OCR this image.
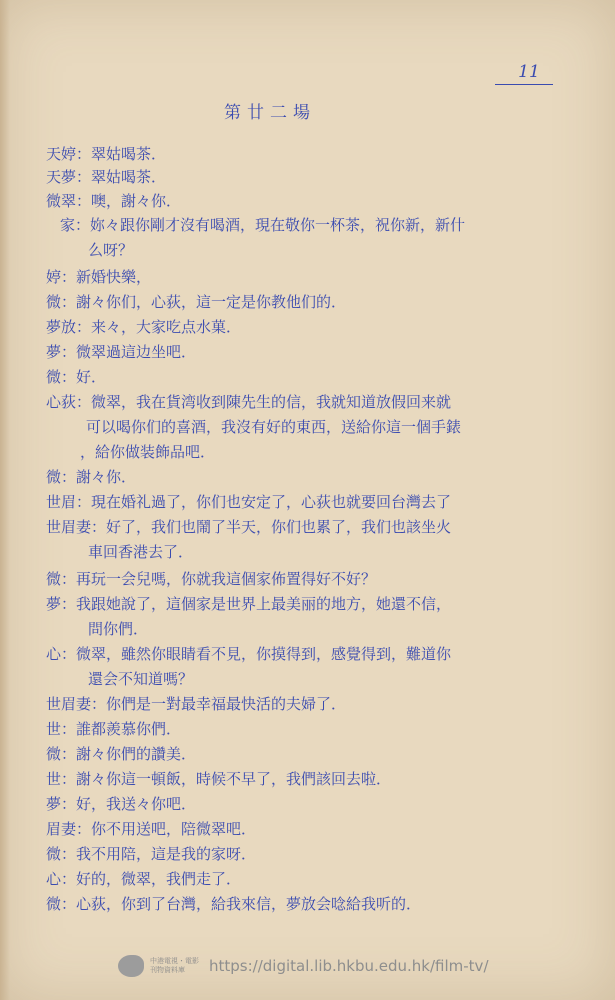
11
第廿二場
天婷：翠姑喝茶．
天夢：翠姑喝茶．
微翠：噢，謝々你．
家：妳々跟你剛才沒有喝酒，現在敬你一杯茶，祝你新，新什
么呀？
婷：新婚快樂，
微：謝々你们，心荻，這一定是你教他们的．
夢放：来々，大家吃点水菓．
夢：微翠過這边坐吧．
微：好．
心荻：微翠，我在貨湾收到陳先生的信，我就知道放假回来就
可以喝你们的喜酒，我沒有好的東西，送給你這一個手錶
，給你做装飾品吧．
微：謝々你．
世眉：現在婚礼過了，你们也安定了，心荻也就要回台灣去了
世眉妻：好了，我们也鬧了半天，你们也累了，我们也該坐火
車回香港去了．
微：再玩一会兒嗎，你就我這個家佈置得好不好？
夢：我跟她說了，這個家是世界上最美丽的地方，她還不信，
問你們．
心：微翠，雖然你眼睛看不見，你摸得到，感覺得到，難道你
還会不知道嗎？
世眉妻：你們是一對最幸福最快活的夫婦了．
世：誰都羨慕你們．
微：謝々你們的讚美．
世：謝々你這一頓飯，時候不早了，我們該回去啦．
夢：好，我送々你吧．
眉妻：你不用送吧，陪微翠吧．
微：我不用陪，這是我的家呀．
心：好的，微翠，我們走了．
微：心荻，你到了台灣，給我來信，夢放会唸給我听的．
中港電視・電影
刊物資料庫	https://digital.lib.hkbu.edu.hk/film-tv/
